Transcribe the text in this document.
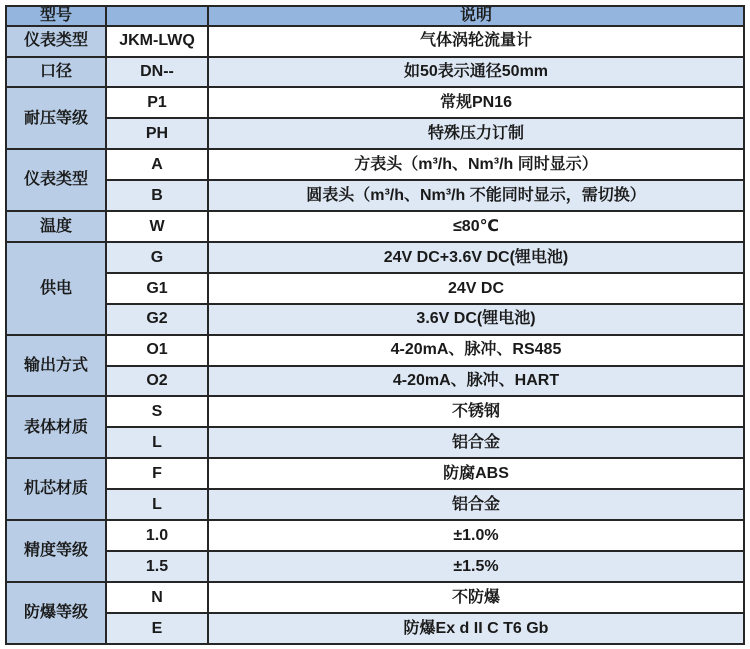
型号		说明
仪表类型	JKM-LWQ	气体涡轮流量计
口径	DN--	如50表示通径50mm
耐压等级	P1	常规PN16
	PH	特殊压力订制
仪表类型	A	方表头（m³/h、Nm³/h 同时显示）
	B	圆表头（m³/h、Nm³/h 不能同时显示，需切换）
温度	W	≤80℃
供电	G	24V DC+3.6V DC(锂电池)
	G1	24V DC
	G2	3.6V DC(锂电池)
输出方式	O1	4-20mA、脉冲、RS485
	O2	4-20mA、脉冲、HART
表体材质	S	不锈钢
	L	铝合金
机芯材质	F	防腐ABS
	L	铝合金
精度等级	1.0	±1.0%
	1.5	±1.5%
防爆等级	N	不防爆
	E	防爆Ex d II C T6 Gb
